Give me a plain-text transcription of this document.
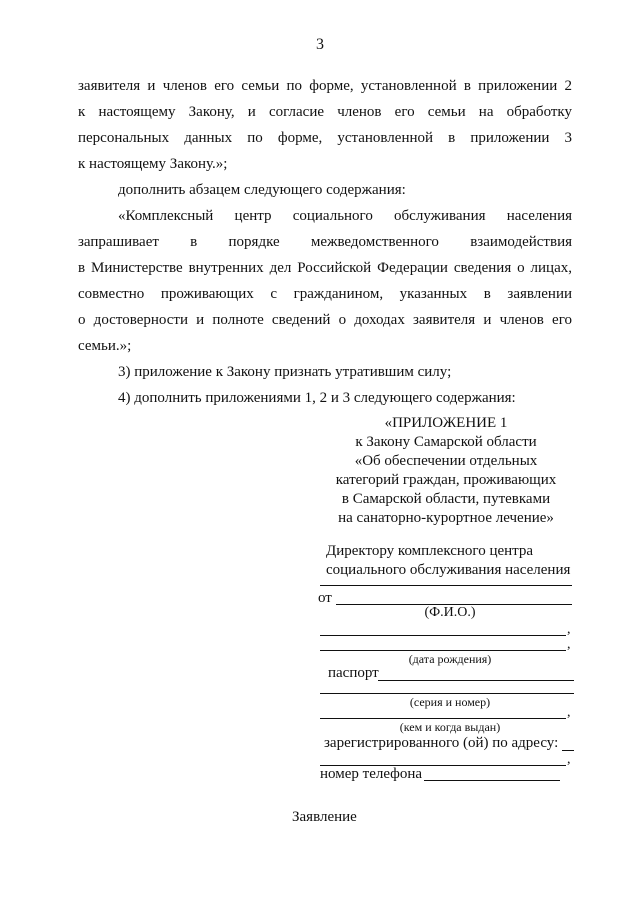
3
заявителя и членов его семьи по форме, установленной в приложении 2
к настоящему Закону, и согласие членов его семьи на обработку
персональных данных по форме, установленной в приложении 3
к настоящему Закону.»;
дополнить абзацем следующего содержания:
«Комплексный центр социального обслуживания населения
запрашивает в порядке межведомственного взаимодействия
в Министерстве внутренних дел Российской Федерации сведения о лицах,
совместно проживающих с гражданином, указанных в заявлении
о достоверности и полноте сведений о доходах заявителя и членов его
семьи.»;
3) приложение к Закону признать утратившим силу;
4) дополнить приложениями 1, 2 и 3 следующего содержания:
«ПРИЛОЖЕНИЕ 1
к Закону Самарской области
«Об обеспечении отдельных
категорий граждан, проживающих
в Самарской области, путевками
на санаторно-курортное лечение»
Директору комплексного центра
социального обслуживания населения
от
(Ф.И.О.)
,
,
(дата рождения)
паспорт
(серия и номер)
,
(кем и когда выдан)
зарегистрированного (ой) по адресу:
,
номер телефона
Заявление
